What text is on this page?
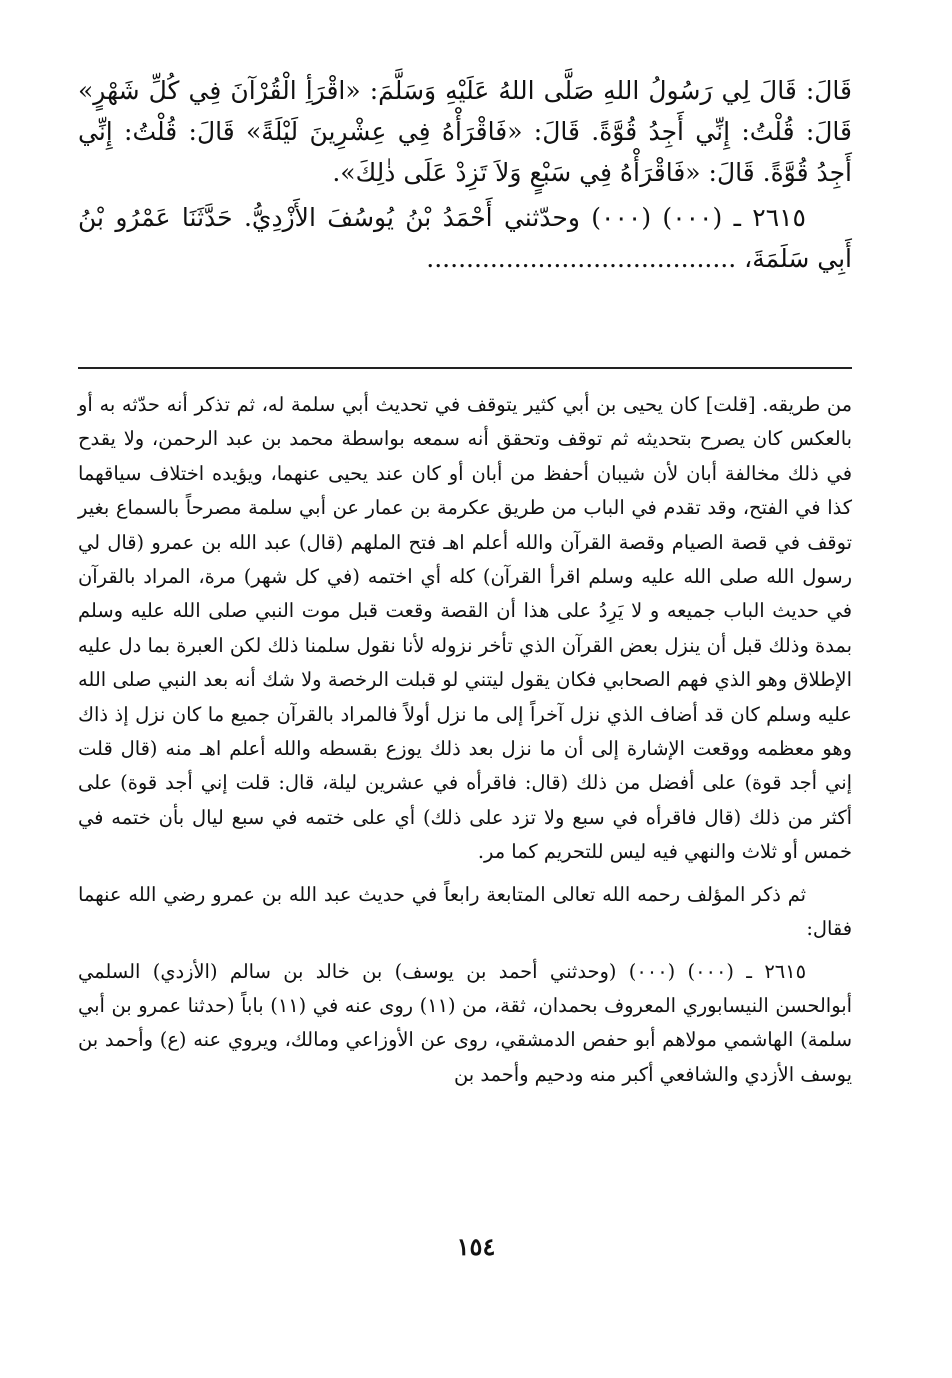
قَالَ: قَالَ لِي رَسُولُ اللهِ صَلَّى اللهُ عَلَيْهِ وَسَلَّمَ: «اقْرَأِ الْقُرْآنَ فِي كُلِّ شَهْرٍ» قَالَ: قُلْتُ: إِنِّي أَجِدُ قُوَّةً. قَالَ: «فَاقْرَأْهُ فِي عِشْرِينَ لَيْلَةً» قَالَ: قُلْتُ: إِنِّي أَجِدُ قُوَّةً. قَالَ: «فَاقْرَأْهُ فِي سَبْعٍ وَلاَ تَزِدْ عَلَى ذٰلِكَ».

٢٦١٥ ـ (٠٠٠) (٠٠٠) وحدّثني أَحْمَدُ بْنُ يُوسُفَ الأَزْدِيُّ. حَدَّثَنَا عَمْرُو بْنُ أَبِي سَلَمَةَ، .......................................

من طريقه. [قلت] كان يحيى بن أبي كثير يتوقف في تحديث أبي سلمة له، ثم تذكر أنه حدّثه به أو بالعكس كان يصرح بتحديثه ثم توقف وتحقق أنه سمعه بواسطة محمد بن عبد الرحمن، ولا يقدح في ذلك مخالفة أبان لأن شيبان أحفظ من أبان أو كان عند يحيى عنهما، ويؤيده اختلاف سياقهما كذا في الفتح، وقد تقدم في الباب من طريق عكرمة بن عمار عن أبي سلمة مصرحاً بالسماع بغير توقف في قصة الصيام وقصة القرآن والله أعلم اهـ فتح الملهم (قال) عبد الله بن عمرو (قال لي رسول الله صلى الله عليه وسلم اقرأ القرآن) كله أي اختمه (في كل شهر) مرة، المراد بالقرآن في حديث الباب جميعه و لا يَرِدُ على هذا أن القصة وقعت قبل موت النبي صلى الله عليه وسلم بمدة وذلك قبل أن ينزل بعض القرآن الذي تأخر نزوله لأنا نقول سلمنا ذلك لكن العبرة بما دل عليه الإطلاق وهو الذي فهم الصحابي فكان يقول ليتني لو قبلت الرخصة ولا شك أنه بعد النبي صلى الله عليه وسلم كان قد أضاف الذي نزل آخراً إلى ما نزل أولاً فالمراد بالقرآن جميع ما كان نزل إذ ذاك وهو معظمه ووقعت الإشارة إلى أن ما نزل بعد ذلك يوزع بقسطه والله أعلم اهـ منه (قال قلت إني أجد قوة) على أفضل من ذلك (قال: فاقرأه في عشرين ليلة، قال: قلت إني أجد قوة) على أكثر من ذلك (قال فاقرأه في سبع ولا تزد على ذلك) أي على ختمه في سبع ليال بأن ختمه في خمس أو ثلاث والنهي فيه ليس للتحريم كما مر.

ثم ذكر المؤلف رحمه الله تعالى المتابعة رابعاً في حديث عبد الله بن عمرو رضي الله عنهما فقال:

٢٦١٥ ـ (٠٠٠) (٠٠٠) (وحدثني أحمد بن يوسف) بن خالد بن سالم (الأزدي) السلمي أبوالحسن النيسابوري المعروف بحمدان، ثقة، من (١١) روى عنه في (١١) باباً (حدثنا عمرو بن أبي سلمة) الهاشمي مولاهم أبو حفص الدمشقي، روى عن الأوزاعي ومالك، ويروي عنه (ع) وأحمد بن يوسف الأزدي والشافعي أكبر منه ودحيم وأحمد بن

١٥٤
